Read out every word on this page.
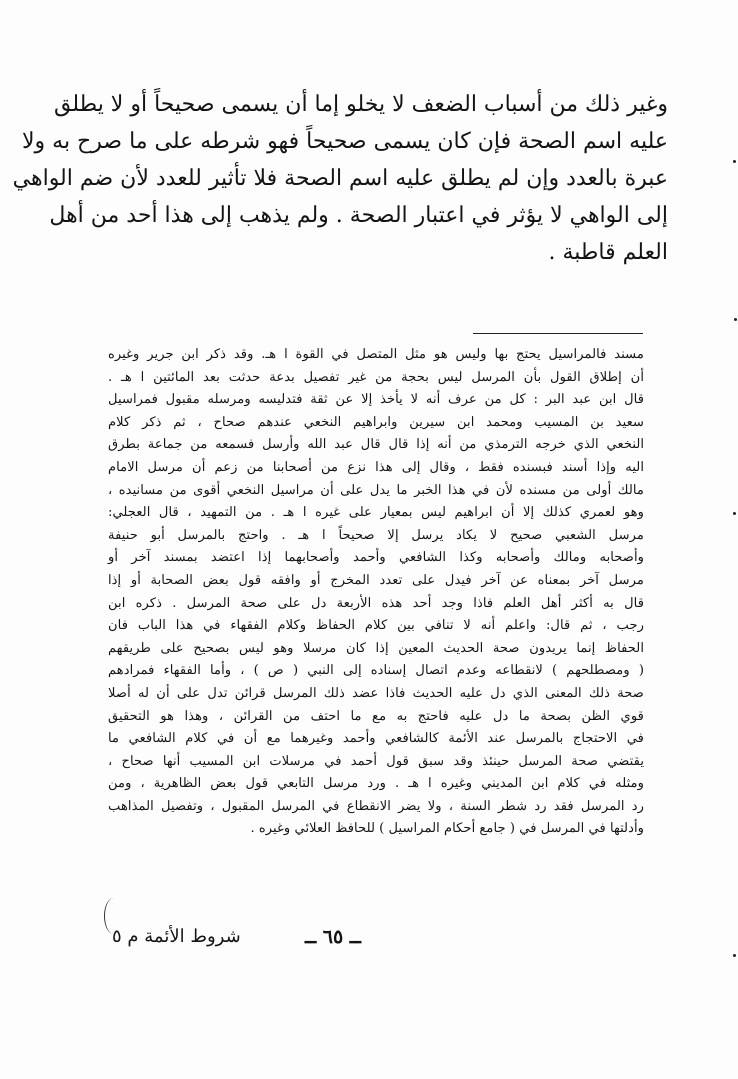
وغير ذلك من أسباب الضعف لا يخلو إما أن يسمى صحيحاً أو لا يطلق
عليه اسم الصحة فإن كان يسمى صحيحاً فهو شرطه على ما صرح به ولا
عبرة بالعدد وإن لم يطلق عليه اسم الصحة فلا تأثير للعدد لأن ضم الواهي
إلى الواهي لا يؤثر في اعتبار الصحة . ولم يذهب إلى هذا أحد من أهل
العلم قاطبة .
مسند فالمراسيل يحتج بها وليس هو مثل المتصل في القوة ا هـ. وقد ذكر ابن جرير وغيره
أن إطلاق القول بأن المرسل ليس بحجة من غير تفصيل بدعة حدثت بعد المائتين ا هـ .
قال ابن عبد البر : كل من عرف أنه لا يأخذ إلا عن ثقة فتدليسه ومرسله مقبول فمراسيل
سعيد بن المسيب ومحمد ابن سيرين وابراهيم النخعي عندهم صحاح ، ثم ذكر كلام
النخعي الذي خرجه الترمذي من أنه إذا قال قال عبد الله وأرسل فسمعه من جماعة بطرق
اليه وإذا أسند فبسنده فقط ، وقال إلى هذا نزع من أصحابنا من زعم أن مرسل الامام
مالك أولى من مسنده لأن في هذا الخبر ما يدل على أن مراسيل النخعي أقوى من مسانيده ،
وهو لعمري كذلك إلا أن ابراهيم ليس بمعيار على غيره ا هـ . من التمهيد ، قال العجلي:
مرسل الشعبي صحيح لا يكاد يرسل إلا صحيحاً ا هـ . واحتج بالمرسل أبو حنيفة
وأصحابه ومالك وأصحابه وكذا الشافعي وأحمد وأصحابهما إذا اعتضد بمسند آخر أو
مرسل آخر بمعناه عن آخر فيدل على تعدد المخرج أو وافقه قول بعض الصحابة أو إذا
قال به أكثر أهل العلم فاذا وجد أحد هذه الأربعة دل على صحة المرسل . ذكره ابن
رجب ، ثم قال: واعلم أنه لا تنافي بين كلام الحفاظ وكلام الفقهاء في هذا الباب فان
الحفاظ إنما يريدون صحة الحديث المعين إذا كان مرسلا وهو ليس بصحيح على طريقهم
( ومصطلحهم ) لانقطاعه وعدم اتصال إسناده إلى النبي ( ص ) ، وأما الفقهاء فمرادهم
صحة ذلك المعنى الذي دل عليه الحديث فاذا عضد ذلك المرسل قرائن تدل على أن له أصلا
قوي الظن بصحة ما دل عليه فاحتج به مع ما احتف من القرائن ، وهذا هو التحقيق
في الاحتجاج بالمرسل عند الأئمة كالشافعي وأحمد وغيرهما مع أن في كلام الشافعي ما
يقتضي صحة المرسل حينئذ وقد سبق قول أحمد في مرسلات ابن المسيب أنها صحاح ،
ومثله في كلام ابن المديني وغيره ا هـ . ورد مرسل التابعي قول بعض الظاهرية ، ومن
رد المرسل فقد رد شطر السنة ، ولا يضر الانقطاع في المرسل المقبول ، وتفصيل المذاهب
وأدلتها في المرسل في ( جامع أحكام المراسيل ) للحافظ العلائي وغيره .
شروط الأئمة م ٥	ــ ٦٥ ــ
